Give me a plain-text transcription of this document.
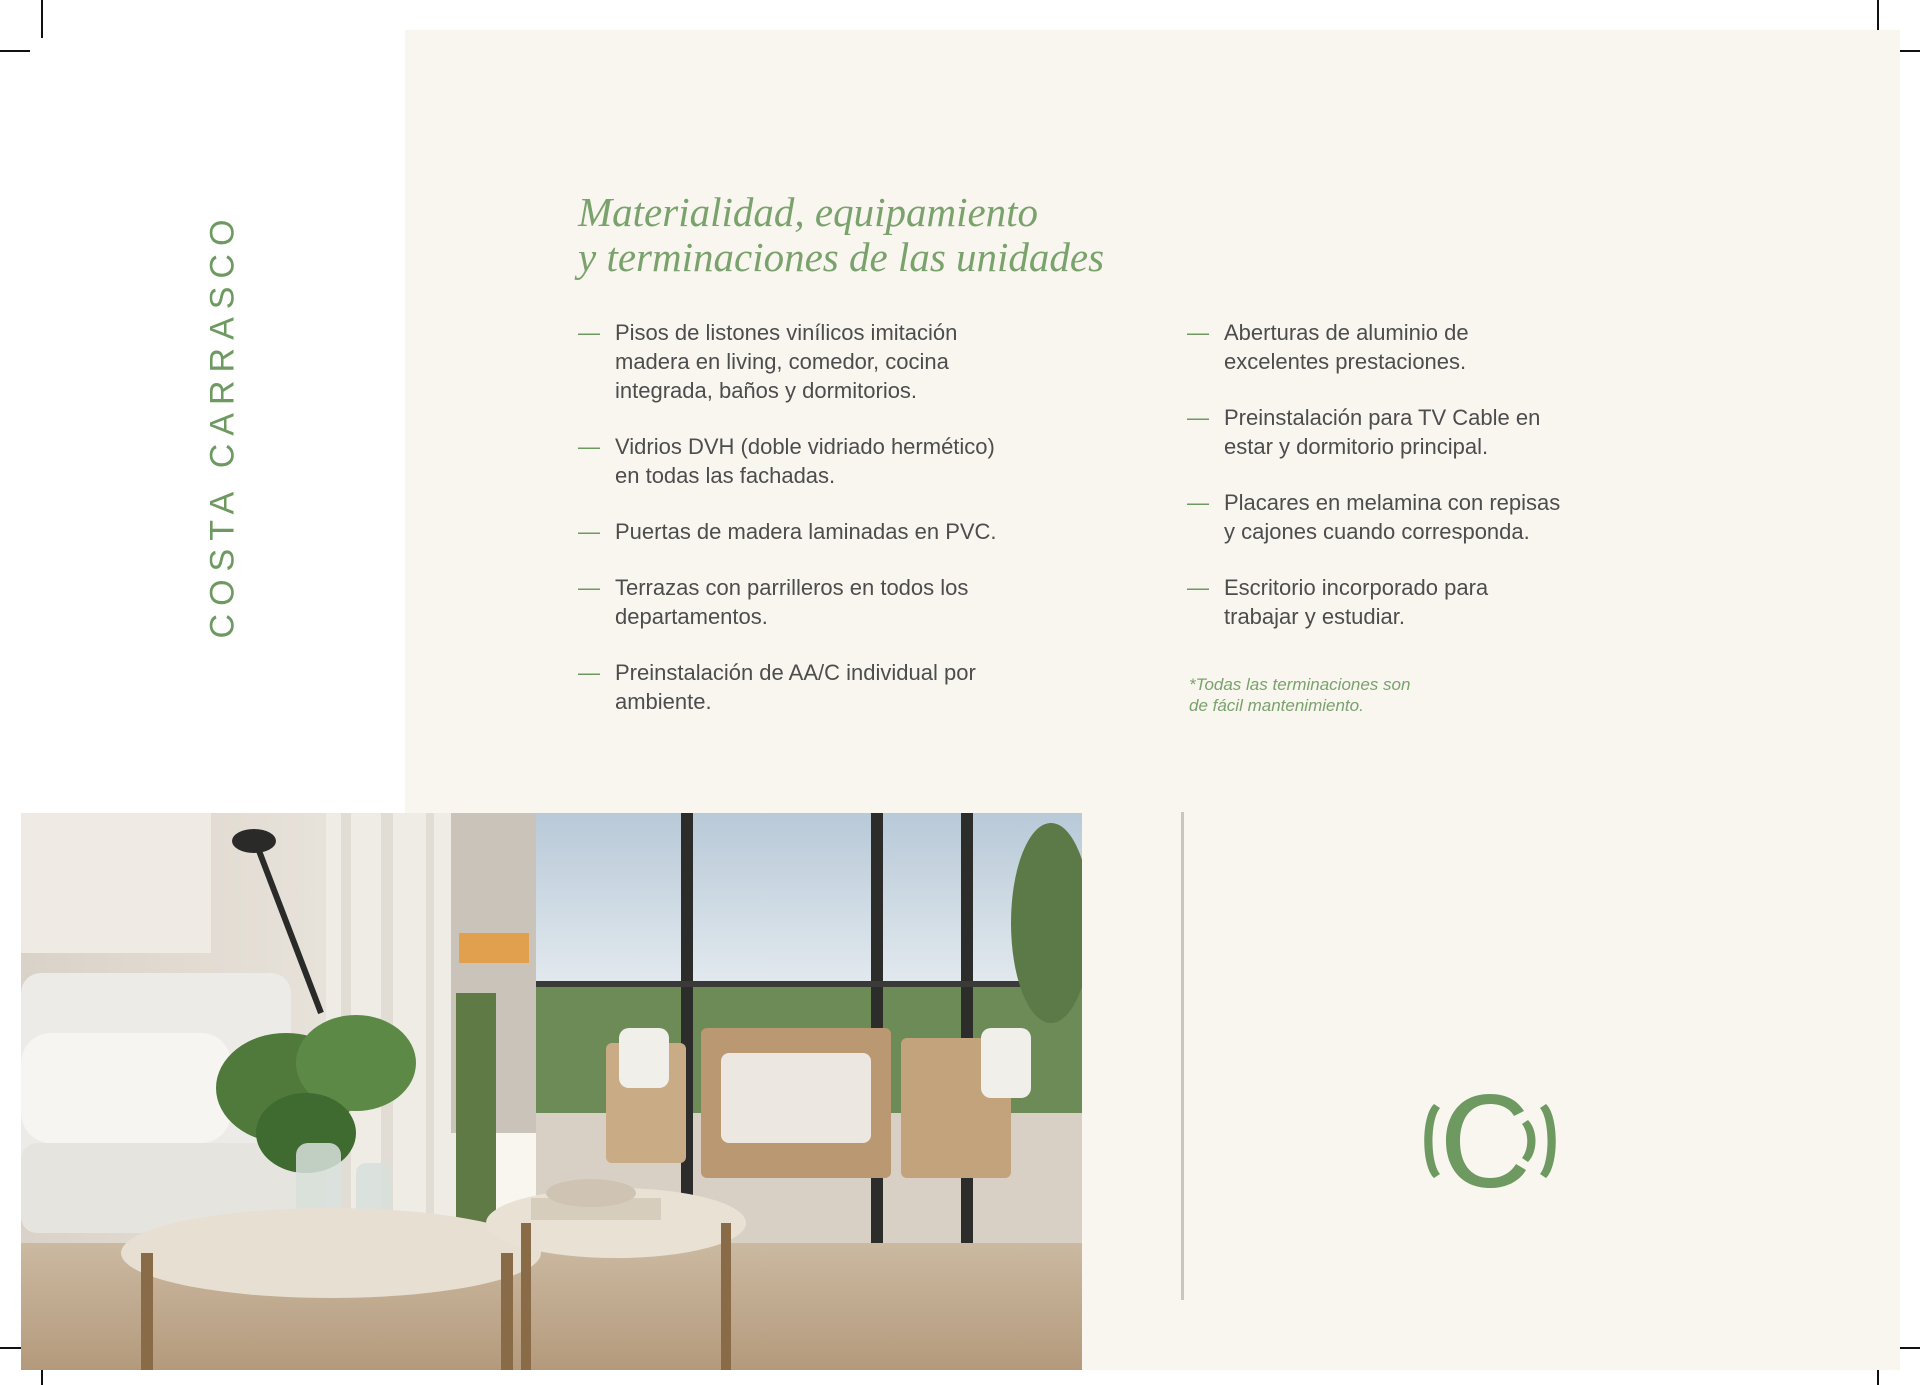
COSTA CARRASCO	Materialidad, equipamiento
y terminaciones de las unidades
— Pisos de listones vinílicos imitación
madera en living, comedor, cocina
integrada, baños y dormitorios.
— Vidrios DVH (doble vidriado hermético)
en todas las fachadas.
— Puertas de madera laminadas en PVC.
— Terrazas con parrilleros en todos los
departamentos.
— Preinstalación de AA/C individual por
ambiente.
— Aberturas de aluminio de
excelentes prestaciones.
— Preinstalación para TV Cable en
estar y dormitorio principal.
— Placares en melamina con repisas
y cajones cuando corresponda.
— Escritorio incorporado para
trabajar y estudiar.
*Todas las terminaciones son
de fácil mantenimiento.
